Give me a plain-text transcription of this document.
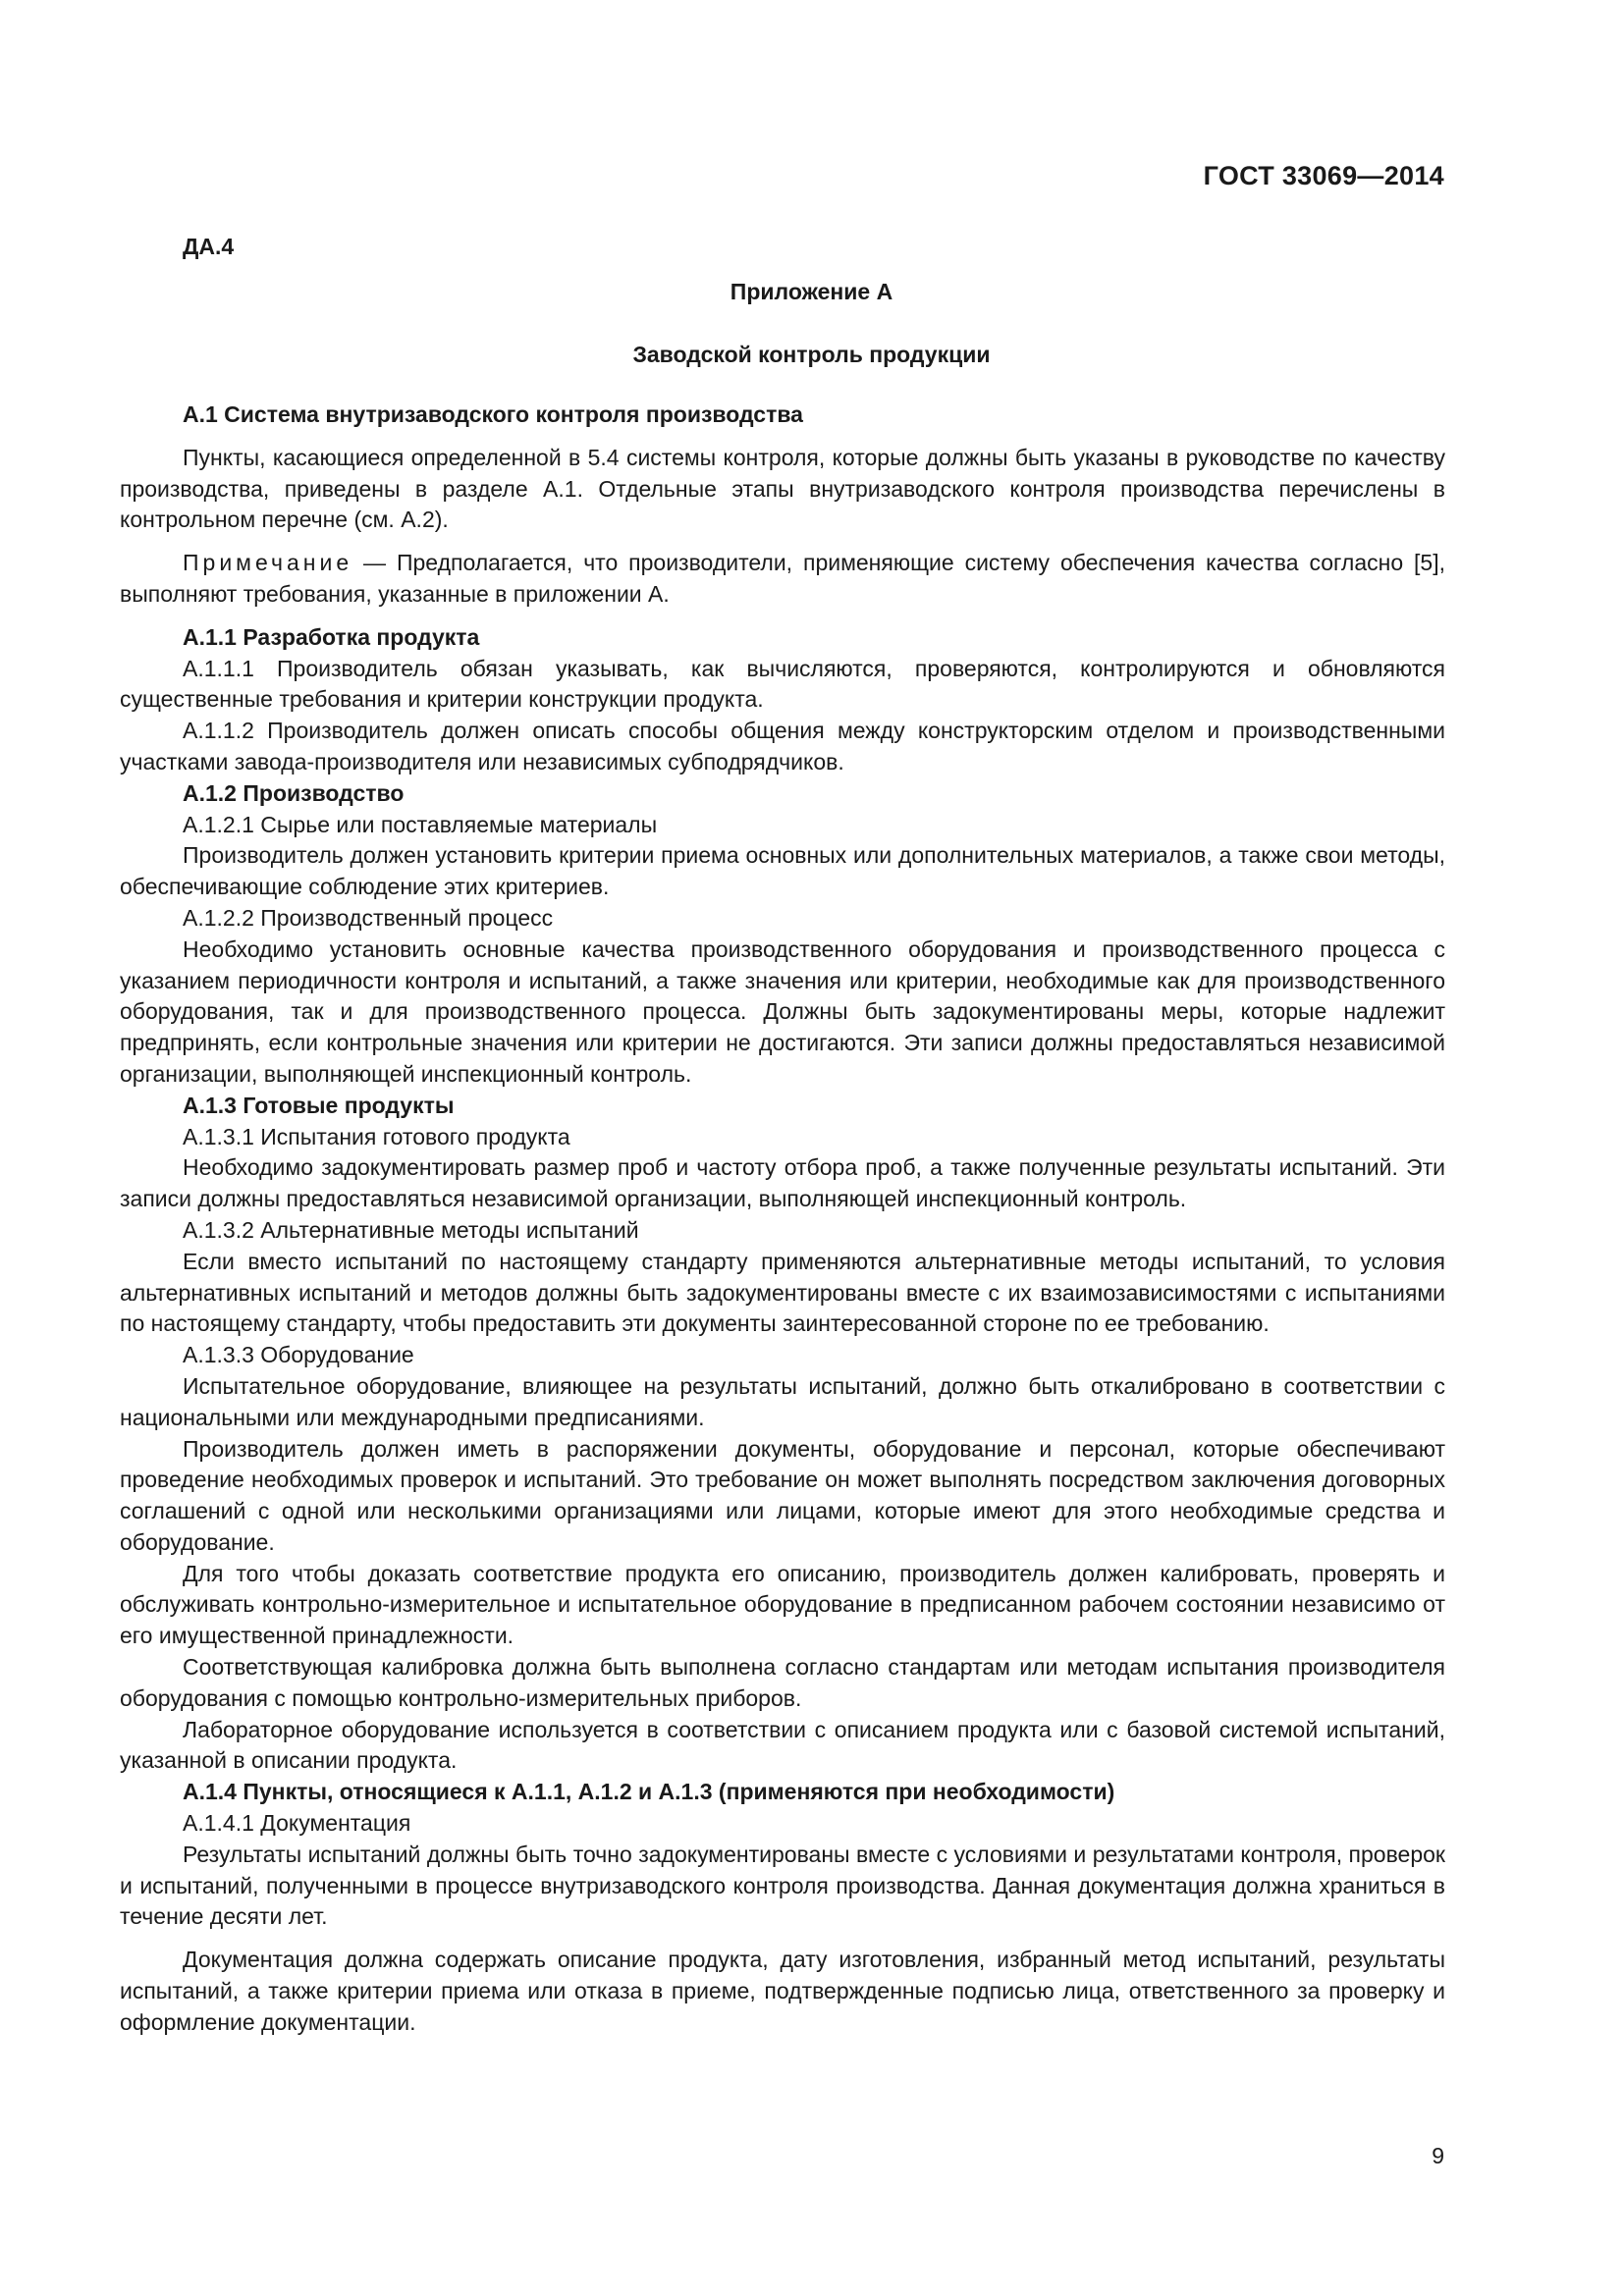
ГОСТ 33069—2014
ДА.4
Приложение А
Заводской контроль продукции

А.1 Система внутризаводского контроля производства

Пункты, касающиеся определенной в 5.4 системы контроля, которые должны быть указаны в руководстве по качеству производства, приведены в разделе А.1. Отдельные этапы внутризаводского контроля производства перечислены в контрольном перечне (см. А.2).

Примечание — Предполагается, что производители, применяющие систему обеспечения качества согласно [5], выполняют требования, указанные в приложении А.

А.1.1 Разработка продукта

А.1.1.1 Производитель обязан указывать, как вычисляются, проверяются, контролируются и обновляются существенные требования и критерии конструкции продукта.

А.1.1.2 Производитель должен описать способы общения между конструкторским отделом и производственными участками завода-производителя или независимых субподрядчиков.

А.1.2 Производство

А.1.2.1 Сырье или поставляемые материалы

Производитель должен установить критерии приема основных или дополнительных материалов, а также свои методы, обеспечивающие соблюдение этих критериев.

А.1.2.2 Производственный процесс

Необходимо установить основные качества производственного оборудования и производственного процесса с указанием периодичности контроля и испытаний, а также значения или критерии, необходимые как для производственного оборудования, так и для производственного процесса. Должны быть задокументированы меры, которые надлежит предпринять, если контрольные значения или критерии не достигаются. Эти записи должны предоставляться независимой организации, выполняющей инспекционный контроль.

А.1.3 Готовые продукты

А.1.3.1 Испытания готового продукта

Необходимо задокументировать размер проб и частоту отбора проб, а также полученные результаты испытаний. Эти записи должны предоставляться независимой организации, выполняющей инспекционный контроль.

А.1.3.2 Альтернативные методы испытаний

Если вместо испытаний по настоящему стандарту применяются альтернативные методы испытаний, то условия альтернативных испытаний и методов должны быть задокументированы вместе с их взаимозависимостями с испытаниями по настоящему стандарту, чтобы предоставить эти документы заинтересованной стороне по ее требованию.

А.1.3.3 Оборудование

Испытательное оборудование, влияющее на результаты испытаний, должно быть откалибровано в соответствии с национальными или международными предписаниями.

Производитель должен иметь в распоряжении документы, оборудование и персонал, которые обеспечивают проведение необходимых проверок и испытаний. Это требование он может выполнять посредством заключения договорных соглашений с одной или несколькими организациями или лицами, которые имеют для этого необходимые средства и оборудование.

Для того чтобы доказать соответствие продукта его описанию, производитель должен калибровать, проверять и обслуживать контрольно-измерительное и испытательное оборудование в предписанном рабочем состоянии независимо от его имущественной принадлежности.

Соответствующая калибровка должна быть выполнена согласно стандартам или методам испытания производителя оборудования с помощью контрольно-измерительных приборов.

Лабораторное оборудование используется в соответствии с описанием продукта или с базовой системой испытаний, указанной в описании продукта.

А.1.4 Пункты, относящиеся к А.1.1, А.1.2 и А.1.3 (применяются при необходимости)

А.1.4.1 Документация

Результаты испытаний должны быть точно задокументированы вместе с условиями и результатами контроля, проверок и испытаний, полученными в процессе внутризаводского контроля производства. Данная документация должна храниться в течение десяти лет.

Документация должна содержать описание продукта, дату изготовления, избранный метод испытаний, результаты испытаний, а также критерии приема или отказа в приеме, подтвержденные подписью лица, ответственного за проверку и оформление документации.

9
